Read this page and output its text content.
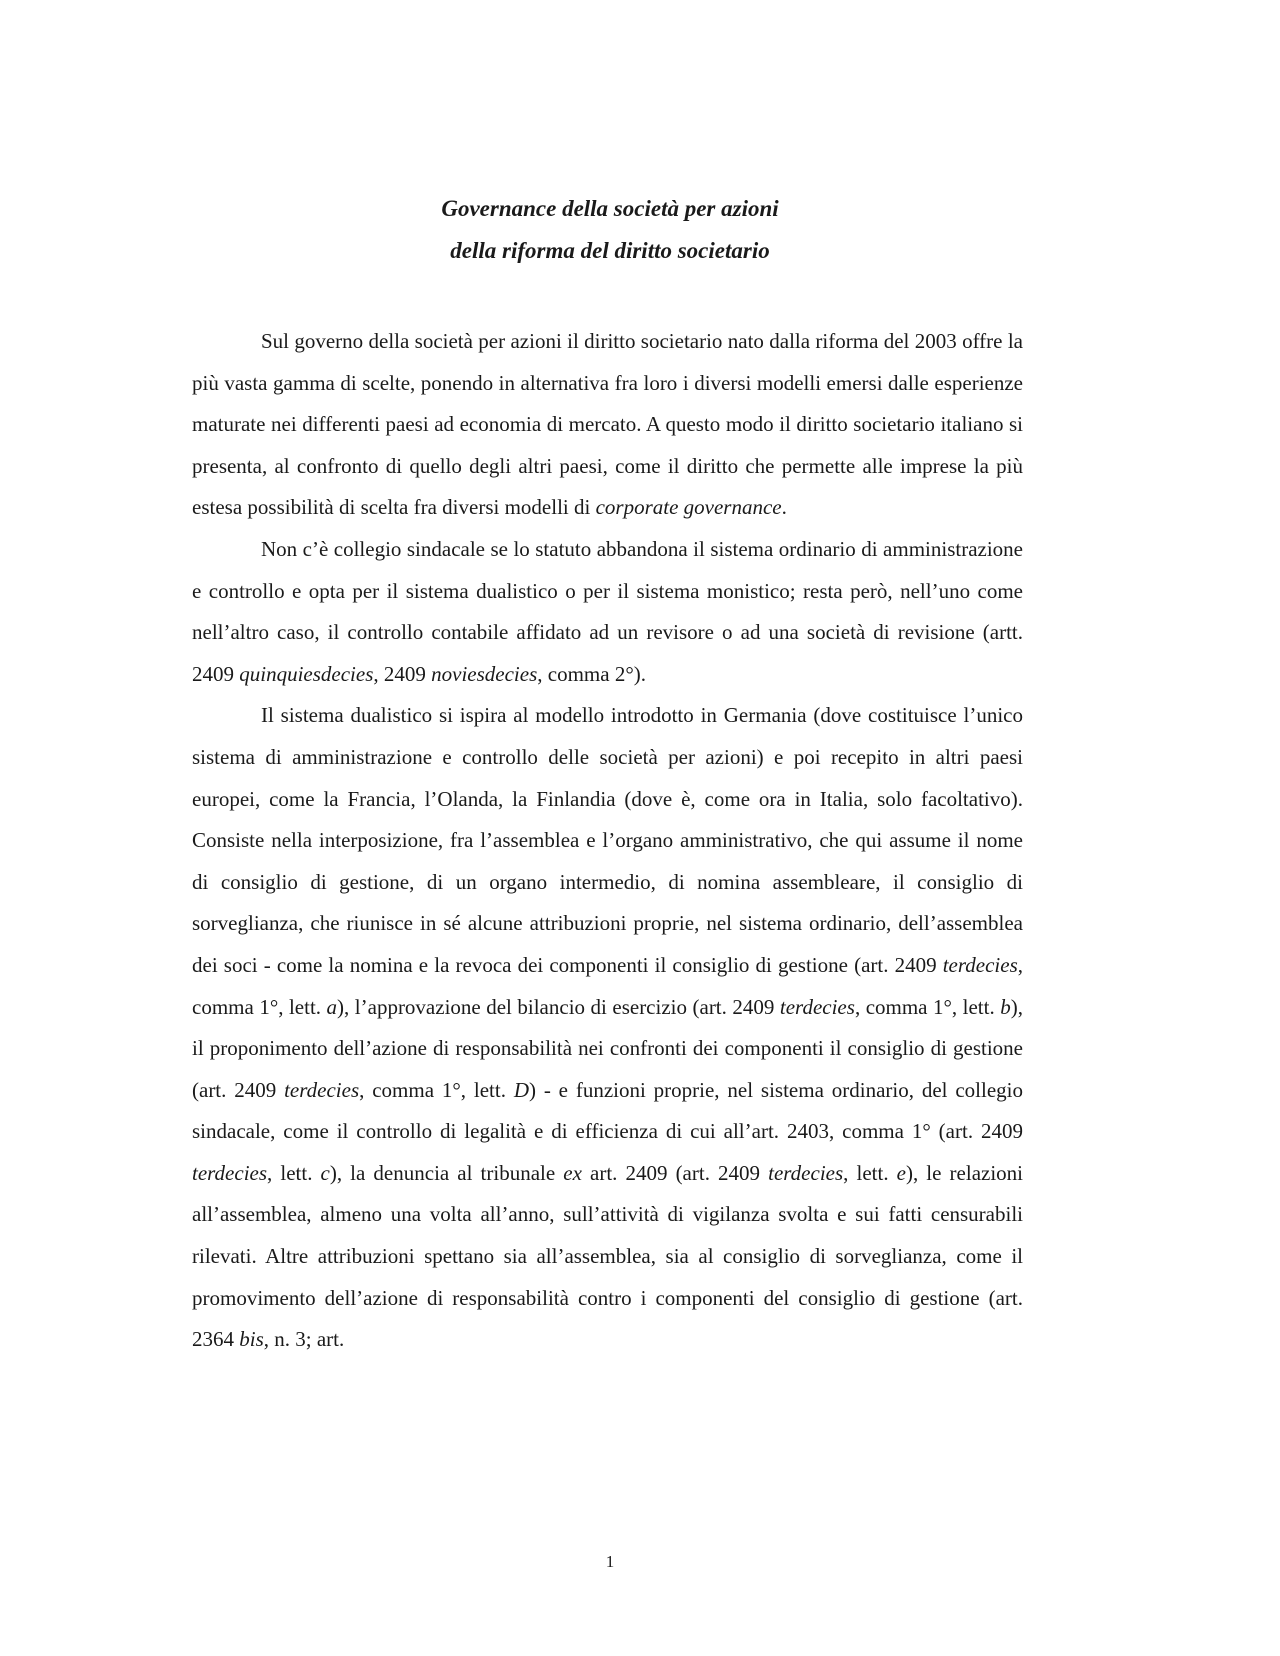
Governance della società per azioni

della riforma del diritto societario

Sul governo della società per azioni il diritto societario nato dalla riforma del 2003 offre la più vasta gamma di scelte, ponendo in alternativa fra loro i diversi modelli emersi dalle esperienze maturate nei differenti paesi ad economia di mercato. A questo modo il diritto societario italiano si presenta, al confronto di quello degli altri paesi, come il diritto che permette alle imprese la più estesa possibilità di scelta fra diversi modelli di corporate governance.

Non c’è collegio sindacale se lo statuto abbandona il sistema ordinario di amministrazione e controllo e opta per il sistema dualistico o per il sistema monistico; resta però, nell’uno come nell’altro caso, il controllo contabile affidato ad un revisore o ad una società di revisione (artt. 2409 quinquiesdecies, 2409 noviesdecies, comma 2°).

Il sistema dualistico si ispira al modello introdotto in Germania (dove costituisce l’unico sistema di amministrazione e controllo delle società per azioni) e poi recepito in altri paesi europei, come la Francia, l’Olanda, la Finlandia (dove è, come ora in Italia, solo facoltativo). Consiste nella interposizione, fra l’assemblea e l’organo amministrativo, che qui assume il nome di consiglio di gestione, di un organo intermedio, di nomina assembleare, il consiglio di sorveglianza, che riunisce in sé alcune attribuzioni proprie, nel sistema ordinario, dell’assemblea dei soci - come la nomina e la revoca dei componenti il consiglio di gestione (art. 2409 terdecies, comma 1°, lett. a), l’approvazione del bilancio di esercizio (art. 2409 terdecies, comma 1°, lett. b), il proponimento dell’azione di responsabilità nei confronti dei componenti il consiglio di gestione (art. 2409 terdecies, comma 1°, lett. D) - e funzioni proprie, nel sistema ordinario, del collegio sindacale, come il controllo di legalità e di efficienza di cui all’art. 2403, comma 1° (art. 2409 terdecies, lett. c), la denuncia al tribunale ex art. 2409 (art. 2409 terdecies, lett. e), le relazioni all’assemblea, almeno una volta all’anno, sull’attività di vigilanza svolta e sui fatti censurabili rilevati. Altre attribuzioni spettano sia all’assemblea, sia al consiglio di sorveglianza, come il promovimento dell’azione di responsabilità contro i componenti del consiglio di gestione (art. 2364 bis, n. 3; art.

1
